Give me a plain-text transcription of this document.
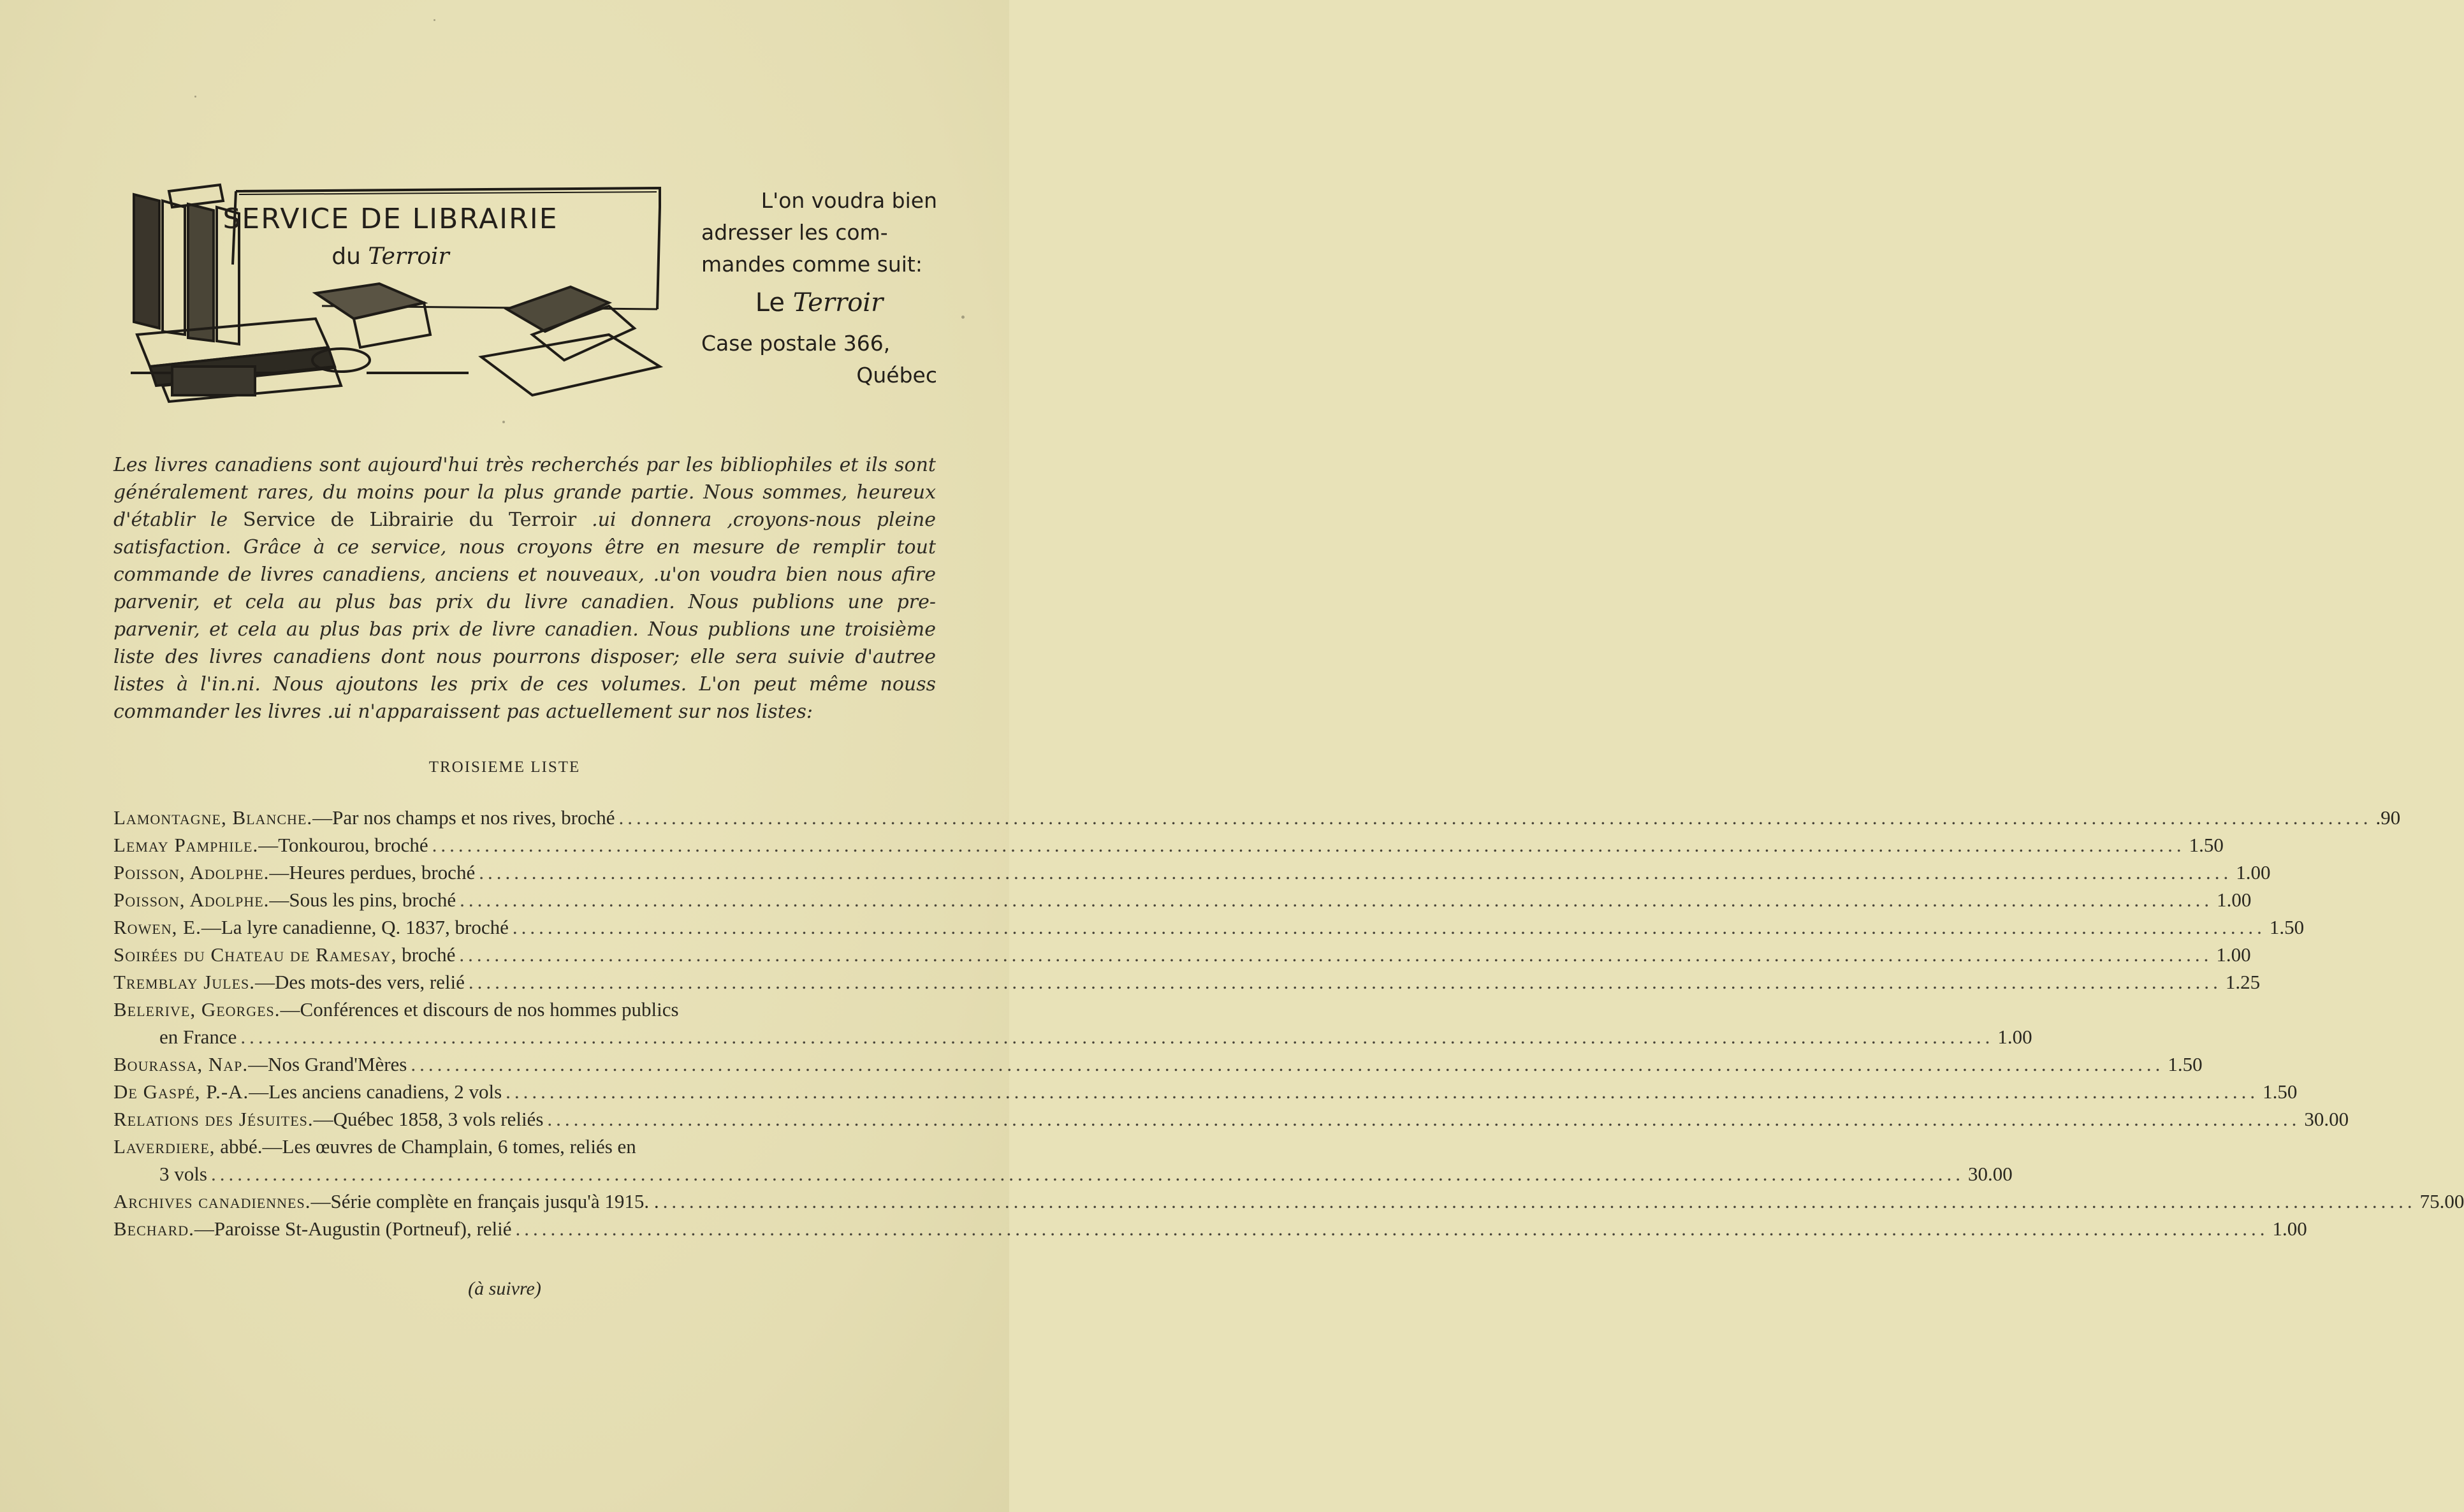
SERVICE DE LIBRAIRIE
du Terroir
L'on voudra bien
adresser les com-
mandes comme suit:
Le Terroir
Case postale 366,
Québec
Les livres canadiens sont aujourd'hui très recherchés par les bibliophiles et ils sont généralement rares, du moins pour la plus grande partie. Nous sommes, heureux d'établir le Service de Librairie du Terroir .ui donnera ,croyons-nous pleine satisfaction. Grâce à ce service, nous croyons être en mesure de remplir tout commande de livres canadiens, anciens et nouveaux, .u'on voudra bien nous afire parvenir, et cela au plus bas prix du livre canadien. Nous publions une pre- parvenir, et cela au plus bas prix de livre canadien. Nous publions une troisième liste des livres canadiens dont nous pourrons disposer; elle sera suivie d'autree listes à l'in.ni. Nous ajoutons les prix de ces volumes. L'on peut même nouss commander les livres .ui n'apparaissent pas actuellement sur nos listes:
TROISIEME LISTE
Lamontagne, Blanche.—Par nos champs et nos rives, broché ........................................................................................................................................................................................................ .90
Lemay Pamphile.—Tonkourou, broché ........................................................................................................................................................................................................ 1.50
Poisson, Adolphe.—Heures perdues, broché ........................................................................................................................................................................................................ 1.00
Poisson, Adolphe.—Sous les pins, broché ........................................................................................................................................................................................................ 1.00
Rowen, E.—La lyre canadienne, Q. 1837, broché ........................................................................................................................................................................................................ 1.50
Soirées du Chateau de Ramesay, broché ........................................................................................................................................................................................................ 1.00
Tremblay Jules.—Des mots-des vers, relié ........................................................................................................................................................................................................ 1.25
Belerive, Georges.—Conférences et discours de nos hommes publics
en France ........................................................................................................................................................................................................ 1.00
Bourassa, Nap.—Nos Grand'Mères ........................................................................................................................................................................................................ 1.50
De Gaspé, P.-A.—Les anciens canadiens, 2 vols ........................................................................................................................................................................................................ 1.50
Relations des Jésuites.—Québec 1858, 3 vols reliés ........................................................................................................................................................................................................ 30.00
Laverdiere, abbé.—Les œuvres de Champlain, 6 tomes, reliés en
3 vols ........................................................................................................................................................................................................ 30.00
Archives canadiennes.—Série complète en français jusqu'à 1915. . ........................................................................................................................................................................................................ 75.00
Bechard.—Paroisse St-Augustin (Portneuf), relié ........................................................................................................................................................................................................ 1.00
(à suivre)
